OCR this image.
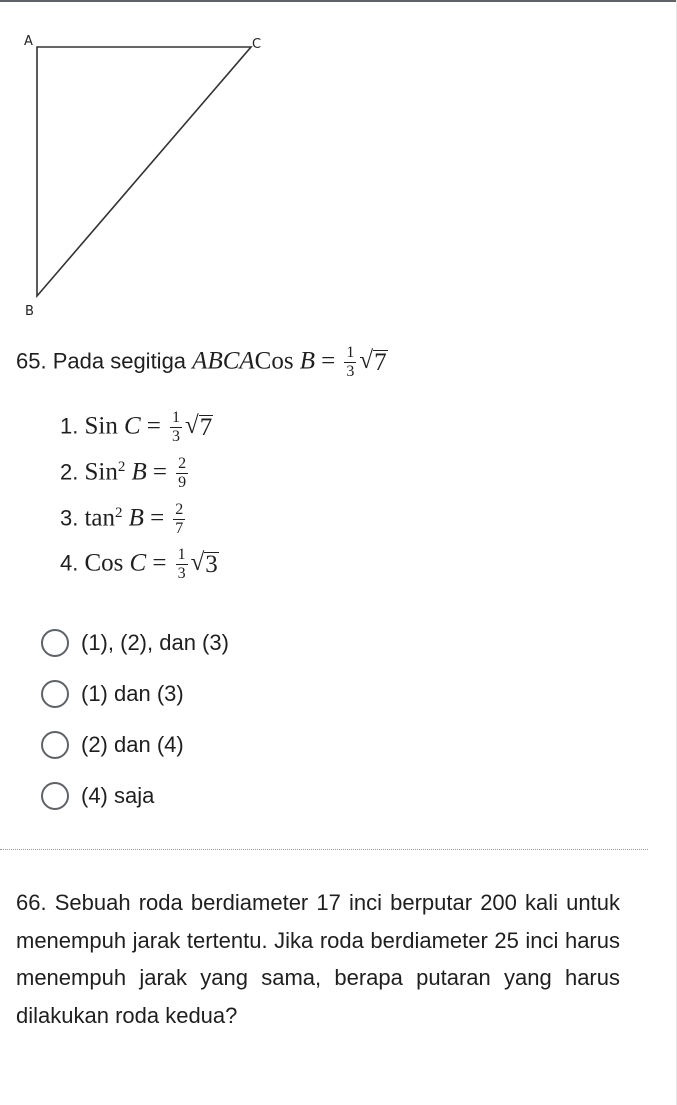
A	C
B
65. Pada segitiga ABCACos $B = \frac{1}{3}$ √ 7
1. Sin $C = \frac{1}{3}$ √ 7
2. Sin$^2$ $B = \frac{2}{9}$
3. $\tan^2 B = \frac{2}{7}$
4. Cos $C = \frac{1}{3}$ √ 3
(1), (2), dan (3)
(1) dan (3)
(2) dan (4)
(4) saja
66. Sebuah roda berdiameter 17 inci berputar 200 kali untuk menempuh jarak tertentu. Jika roda berdiameter 25 inci harus menempuh jarak yang sama, berapa putaran yang harus dilakukan roda kedua?
